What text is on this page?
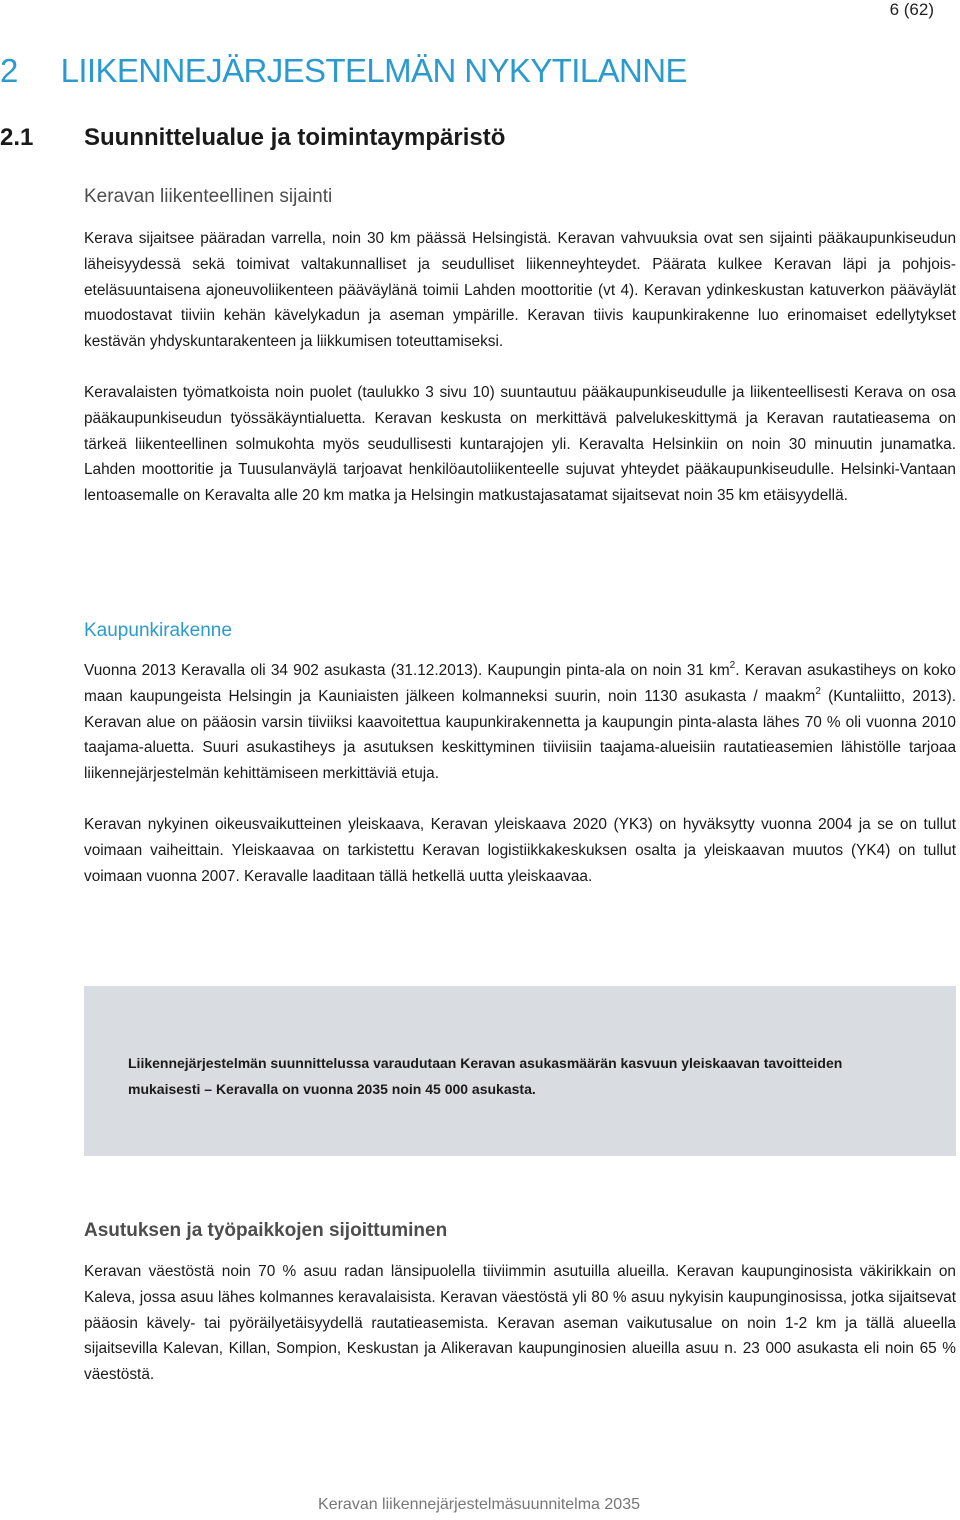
6 (62)
2     LIIKENNEJÄRJESTELMÄN NYKYTILANNE
2.1 Suunnittelualue ja toimintaympäristö
Keravan liikenteellinen sijainti

Kerava sijaitsee pääradan varrella, noin 30 km päässä Helsingistä. Keravan vahvuuksia ovat sen sijainti pääkaupunkiseudun läheisyydessä sekä toimivat valtakunnalliset ja seudulliset liikenneyhteydet. Päärata kulkee Keravan läpi ja pohjois-eteläsuuntaisena ajoneuvoliikenteen pääväylänä toimii Lahden moottoritie (vt 4). Keravan ydinkeskustan katuverkon pääväylät muodostavat tiiviin kehän kävelykadun ja aseman ympärille. Keravan tiivis kaupunkirakenne luo erinomaiset edellytykset kestävän yhdyskuntarakenteen ja liikkumisen toteuttamiseksi.

Keravalaisten työmatkoista noin puolet (taulukko 3 sivu 10) suuntautuu pääkaupunkiseudulle ja liikenteellisesti Kerava on osa pääkaupunkiseudun työssäkäyntialuetta. Keravan keskusta on merkittävä palvelukeskittymä ja Keravan rautatieasema on tärkeä liikenteellinen solmukohta myös seudullisesti kuntarajojen yli. Keravalta Helsinkiin on noin 30 minuutin junamatka. Lahden moottoritie ja Tuusulanväylä tarjoavat henkilöautoliikenteelle sujuvat yhteydet pääkaupunkiseudulle. Helsinki-Vantaan lentoasemalle on Keravalta alle 20 km matka ja Helsingin matkustajasatamat sijaitsevat noin 35 km etäisyydellä.

Kaupunkirakenne

Vuonna 2013 Keravalla oli 34 902 asukasta (31.12.2013). Kaupungin pinta-ala on noin 31 $km^2$. Keravan asukastiheys on koko maan kaupungeista Helsingin ja Kauniaisten jälkeen kolmanneksi suurin, noin 1130 asukasta / maakm$^2$ (Kuntaliitto, 2013). Keravan alue on pääosin varsin tiiviiksi kaavoitettua kaupunkirakennetta ja kaupungin pinta-alasta lähes 70 % oli vuonna 2010 taajama-aluetta. Suuri asukastiheys ja asutuksen keskittyminen tiiviisiin taajama-alueisiin rautatieasemien lähistölle tarjoaa liikennejärjestelmän kehittämiseen merkittäviä etuja.

Keravan nykyinen oikeusvaikutteinen yleiskaava, Keravan yleiskaava 2020 (YK3) on hyväksytty vuonna 2004 ja se on tullut voimaan vaiheittain. Yleiskaavaa on tarkistettu Keravan logistiikkakeskuksen osalta ja yleiskaavan muutos (YK4) on tullut voimaan vuonna 2007. Keravalle laaditaan tällä hetkellä uutta yleiskaavaa.

Liikennejärjestelmän suunnittelussa varaudutaan Keravan asukasmäärän kasvuun yleiskaavan tavoitteiden mukaisesti – Keravalla on vuonna 2035 noin 45 000 asukasta.

Asutuksen ja työpaikkojen sijoittuminen

Keravan väestöstä noin 70 % asuu radan länsipuolella tiiviimmin asutuilla alueilla. Keravan kaupunginosista väkirikkain on Kaleva, jossa asuu lähes kolmannes keravalaisista. Keravan väestöstä yli 80 % asuu nykyisin kaupunginosissa, jotka sijaitsevat pääosin kävely- tai pyöräilyetäisyydellä rautatieasemista. Keravan aseman vaikutusalue on noin 1-2 km ja tällä alueella sijaitsevilla Kalevan, Killan, Sompion, Keskustan ja Alikeravan kaupunginosien alueilla asuu n. 23 000 asukasta eli noin 65 % väestöstä.

Keravan liikennejärjestelmäsuunnitelma 2035
